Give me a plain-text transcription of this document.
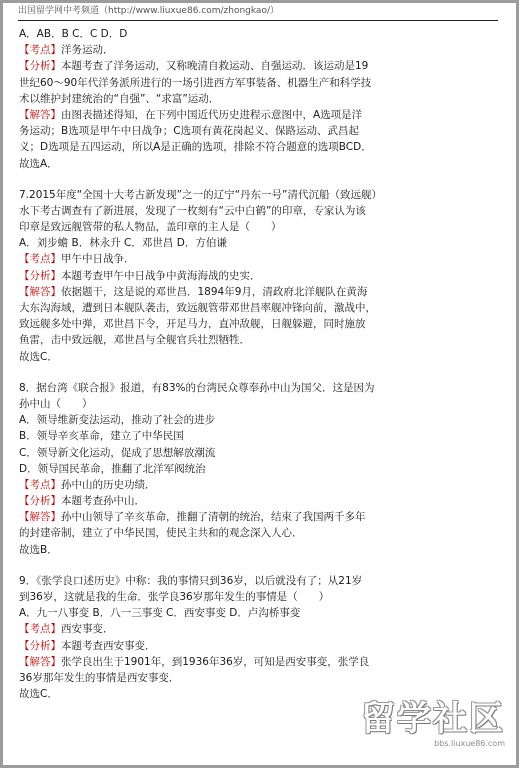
出国留学网中考频道（http://www.liuxue86.com/zhongkao/）
A．AB．B C．C D．D
【考点】洋务运动．
【分析】本题考查了洋务运动，又称晚清自救运动、自强运动．该运动是19
世纪60～90年代洋务派所进行的一场引进西方军事装备、机器生产和科学技
术以维护封建统治的“自强”、“求富”运动．
【解答】由图表描述得知，在下列中国近代历史进程示意图中，A选项是洋
务运动；B选项是甲午中日战争；C选项有黄花岗起义、保路运动、武昌起
义；D选项是五四运动，所以A是正确的选项，排除不符合题意的选项BCD．
故选A．
7.2015年度“全国十大考古新发现”之一的辽宁“丹东一号”清代沉船（致远舰）
水下考古调查有了新进展，发现了一枚刻有“云中白鹤”的印章，专家认为该
印章是致远舰管带的私人物品，盖印章的主人是（　　）
A．刘步蟾 B．林永升 C．邓世昌 D．方伯谦
【考点】甲午中日战争．
【分析】本题考查甲午中日战争中黄海海战的史实．
【解答】依据题干，这是说的邓世昌．1894年9月，清政府北洋舰队在黄海
大东沟海域，遭到日本舰队袭击，致远舰管带邓世昌率舰冲锋向前，激战中，
致远舰多处中弹，邓世昌下令，开足马力，直冲敌舰，日舰躲避，同时施放
鱼雷，击中致远舰，邓世昌与全舰官兵壮烈牺牲．
故选C．
8．据台湾《联合报》报道，有83%的台湾民众尊奉孙中山为国父．这是因为
孙中山（　　）
A．领导维新变法运动，推动了社会的进步
B．领导辛亥革命，建立了中华民国
C．领导新文化运动，促成了思想解放潮流
D．领导国民革命，推翻了北洋军阀统治
【考点】孙中山的历史功绩．
【分析】本题考查孙中山．
【解答】孙中山领导了辛亥革命，推翻了清朝的统治，结束了我国两千多年
的封建帝制，建立了中华民国，使民主共和的观念深入人心．
故选B．
9．《张学良口述历史》中称：我的事情只到36岁，以后就没有了；从21岁
到36岁，这就是我的生命．张学良36岁那年发生的事情是（　　）
A．九一八事变 B．八一三事变 C．西安事变 D．卢沟桥事变
【考点】西安事变．
【分析】本题考查西安事变．
【解答】张学良出生于1901年，到1936年36岁，可知是西安事变，张学良
36岁那年发生的事情是西安事变．
故选C．
留学社区
bbs.liuxue86.com
